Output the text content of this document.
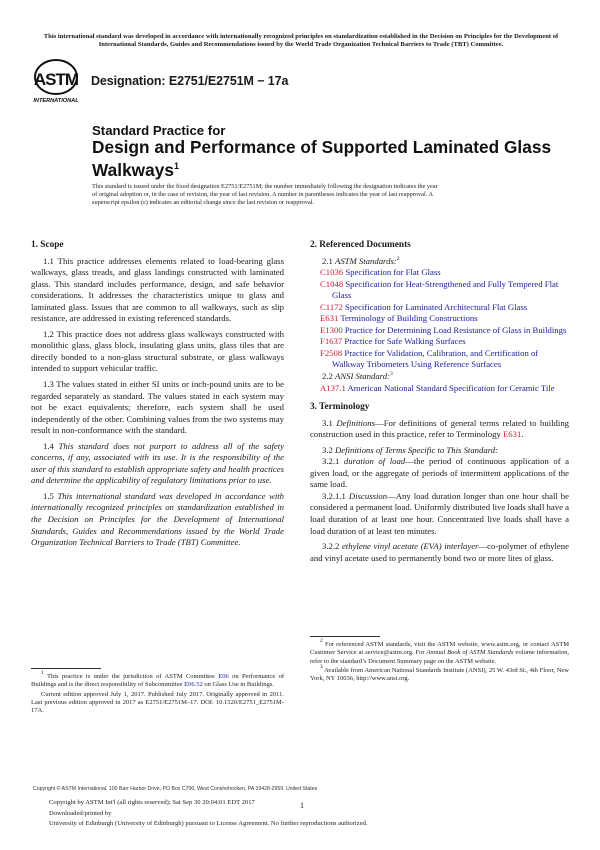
This international standard was developed in accordance with internationally recognized principles on standardization established in the Decision on Principles for the Development of International Standards, Guides and Recommendations issued by the World Trade Organization Technical Barriers to Trade (TBT) Committee.
ASTM
INTERNATIONAL
Designation: E2751/E2751M − 17a
Standard Practice for
Design and Performance of Supported Laminated Glass
Walkways$^1$
This standard is issued under the fixed designation E2751/E2751M; the number immediately following the designation indicates the year of original adoption or, in the case of revision, the year of last revision. A number in parentheses indicates the year of last reapproval. A superscript epsilon (ε) indicates an editorial change since the last revision or reapproval.
1. Scope
1.1 This practice addresses elements related to load-bearing glass walkways, glass treads, and glass landings constructed with laminated glass. This standard includes performance, design, and safe behavior considerations. It addresses the characteristics unique to glass and laminated glass. Issues that are common to all walkways, such as slip resistance, are addressed in existing referenced standards.
1.2 This practice does not address glass walkways constructed with monolithic glass, glass block, insulating glass units, glass tiles that are directly bonded to a non-glass structural substrate, or glass walkways intended to support vehicular traffic.
1.3 The values stated in either SI units or inch-pound units are to be regarded separately as standard. The values stated in each system may not be exact equivalents; therefore, each system shall be used independently of the other. Combining values from the two systems may result in non-conformance with the standard.
1.4 This standard does not purport to address all of the safety concerns, if any, associated with its use. It is the responsibility of the user of this standard to establish appropriate safety and health practices and determine the applicability of regulatory limitations prior to use.
1.5 This international standard was developed in accordance with internationally recognized principles on standardization established in the Decision on Principles for the Development of International Standards, Guides and Recommendations issued by the World Trade Organization Technical Barriers to Trade (TBT) Committee.
2. Referenced Documents
2.1 ASTM Standards:$^2$
C1036 Specification for Flat Glass
C1048 Specification for Heat-Strengthened and Fully Tempered Flat Glass
C1172 Specification for Laminated Architectural Flat Glass
E631 Terminology of Building Constructions
E1300 Practice for Determining Load Resistance of Glass in Buildings
F1637 Practice for Safe Walking Surfaces
F2508 Practice for Validation, Calibration, and Certification of Walkway Tribometers Using Reference Surfaces
2.2 ANSI Standard:$^3$
A137.1 American National Standard Specification for Ceramic Tile
3. Terminology
3.1 Definitions—For definitions of general terms related to building construction used in this practice, refer to Terminology E631.
3.2 Definitions of Terms Specific to This Standard:
3.2.1 duration of load—the period of continuous application of a given load, or the aggregate of periods of intermittent applications of the same load.
3.2.1.1 Discussion—Any load duration longer than one hour shall be considered a permanent load. Uniformly distributed live loads shall have a load duration of at least one hour. Concentrated live loads shall have a load duration of at least ten minutes.
3.2.2 ethylene vinyl acetate (EVA) interlayer—co-polymer of ethylene and vinyl acetate used to permanently bond two or more lites of glass.

$^1$ This practice is under the jurisdiction of ASTM Committee E06 on Performance of Buildings and is the direct responsibility of Subcommittee E06.52 on Glass Use in Buildings.

Current edition approved July 1, 2017. Published July 2017. Originally approved in 2011. Last previous edition approved in 2017 as E2751/E2751M–17. DOI: 10.1520/E2751_E2751M-17A.

$^2$ For referenced ASTM standards, visit the ASTM website, www.astm.org, or contact ASTM Customer Service at service@astm.org. For Annual Book of ASTM Standards volume information, refer to the standard’s Document Summary page on the ASTM website.

$^3$ Available from American National Standards Institute (ANSI), 25 W. 43rd St., 4th Floor, New York, NY 10036, http://www.ansi.org.

Copyright © ASTM International, 100 Barr Harbor Drive, PO Box C700, West Conshohocken, PA 19428-2959. United States
Copyright by ASTM Int'l (all rights reserved); Sat Sep 30 20:04:01 EDT 2017
Downloaded/printed by
University of Edinburgh (University of Edinburgh) pursuant to License Agreement. No further reproductions authorized.
1
